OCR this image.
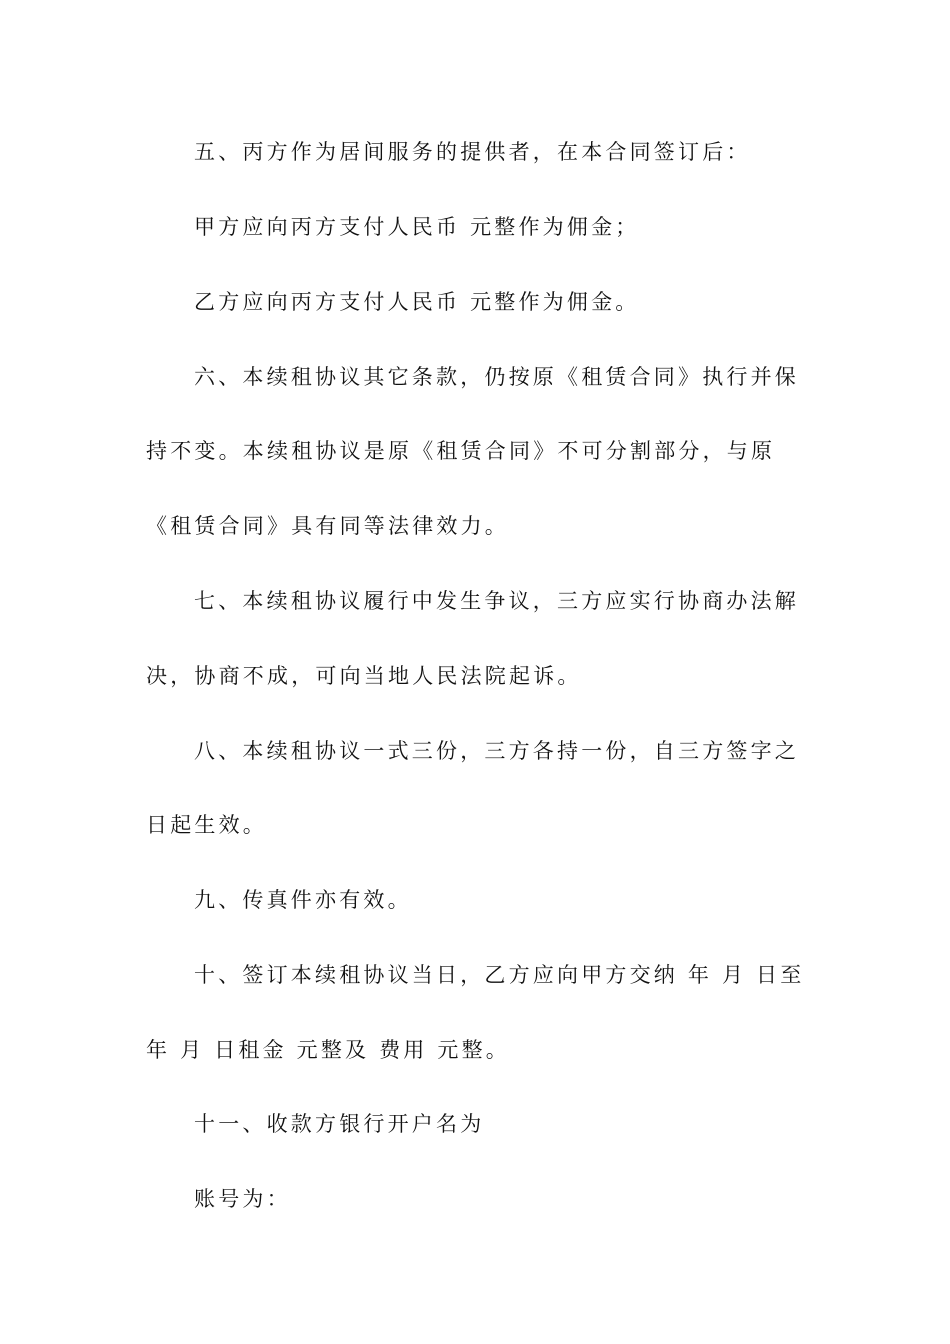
五、丙方作为居间服务的提供者，在本合同签订后：
甲方应向丙方支付人民币 元整作为佣金；
乙方应向丙方支付人民币 元整作为佣金。
六、本续租协议其它条款，仍按原《租赁合同》执行并保
持不变。本续租协议是原《租赁合同》不可分割部分，与原
《租赁合同》具有同等法律效力。
七、本续租协议履行中发生争议，三方应实行协商办法解
决，协商不成，可向当地人民法院起诉。
八、本续租协议一式三份，三方各持一份，自三方签字之
日起生效。
九、传真件亦有效。
十、签订本续租协议当日，乙方应向甲方交纳 年 月 日至
年 月 日租金 元整及 费用 元整。
十一、收款方银行开户名为
账号为：
